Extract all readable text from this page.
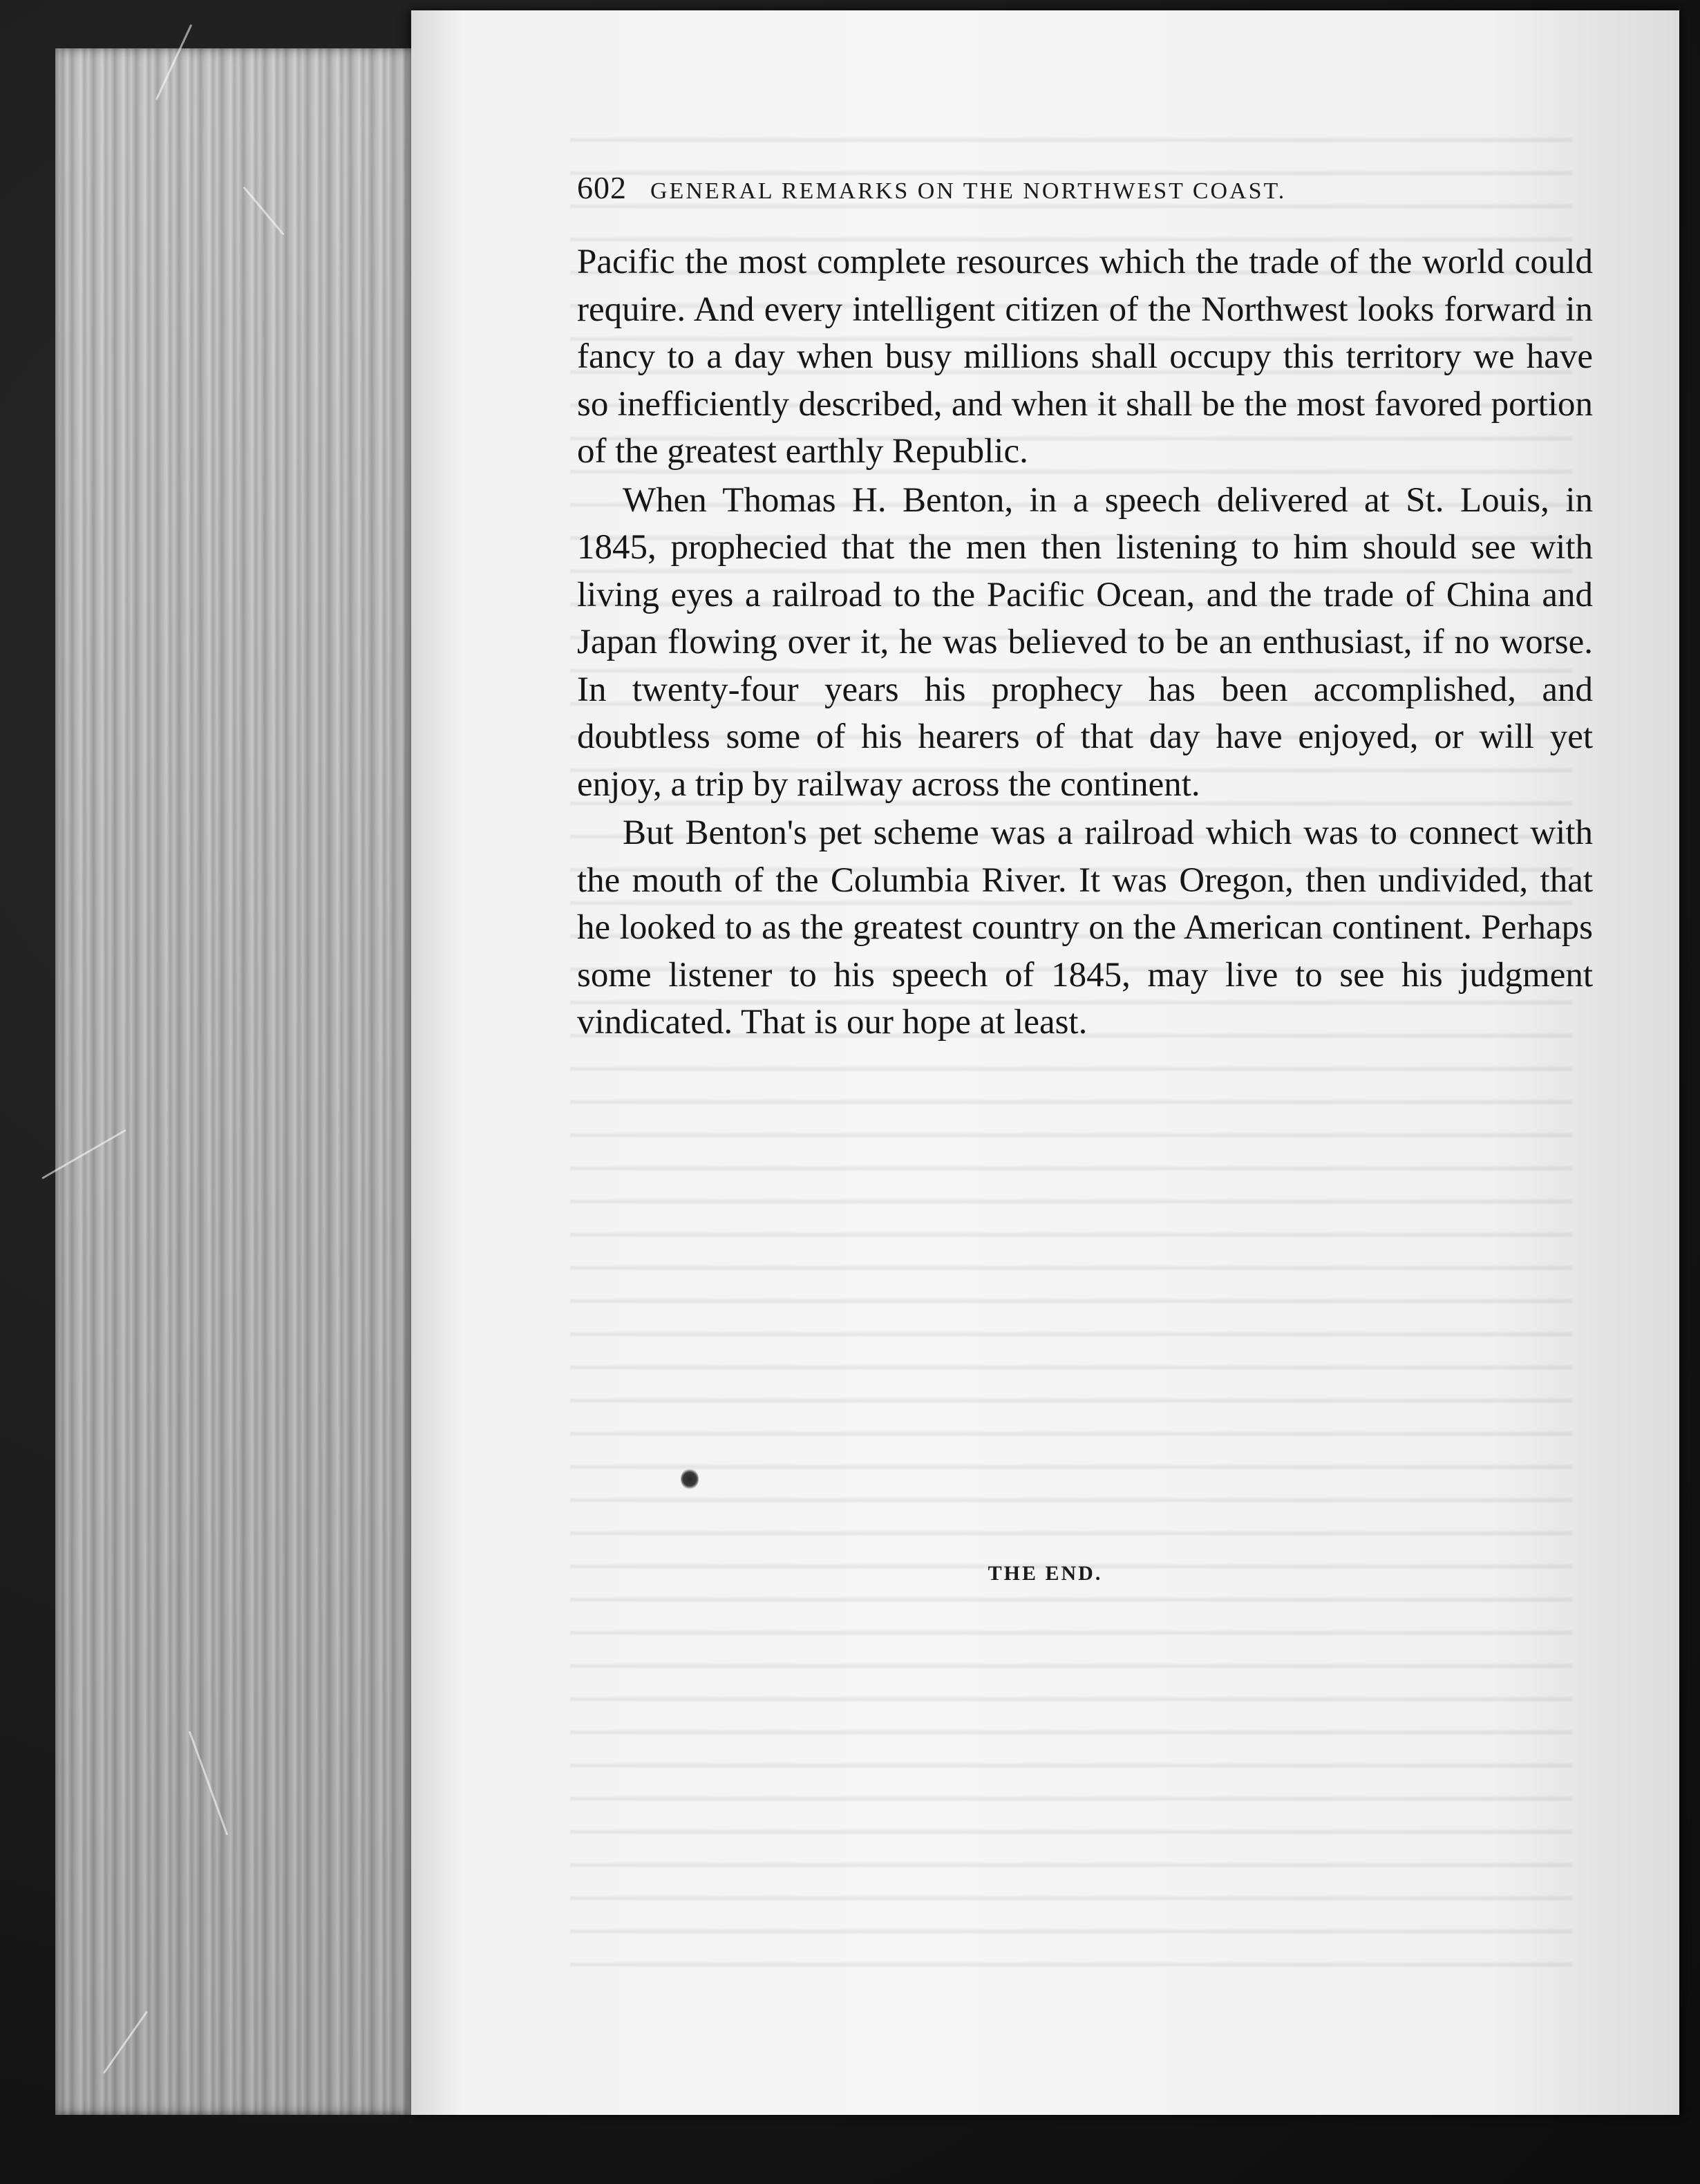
602 GENERAL REMARKS ON THE NORTHWEST COAST.

Pacific the most complete resources which the trade of the world could require. And every intelligent citizen of the Northwest looks forward in fancy to a day when busy millions shall occupy this territory we have so inefficiently described, and when it shall be the most favored portion of the greatest earthly Republic.

When Thomas H. Benton, in a speech delivered at St. Louis, in 1845, prophecied that the men then listening to him should see with living eyes a railroad to the Pacific Ocean, and the trade of China and Japan flowing over it, he was believed to be an enthusiast, if no worse. In twenty-four years his prophecy has been accomplished, and doubtless some of his hearers of that day have enjoyed, or will yet enjoy, a trip by railway across the continent.

But Benton's pet scheme was a railroad which was to connect with the mouth of the Columbia River. It was Oregon, then undivided, that he looked to as the greatest country on the American continent. Perhaps some listener to his speech of 1845, may live to see his judgment vindicated. That is our hope at least.

THE END.
